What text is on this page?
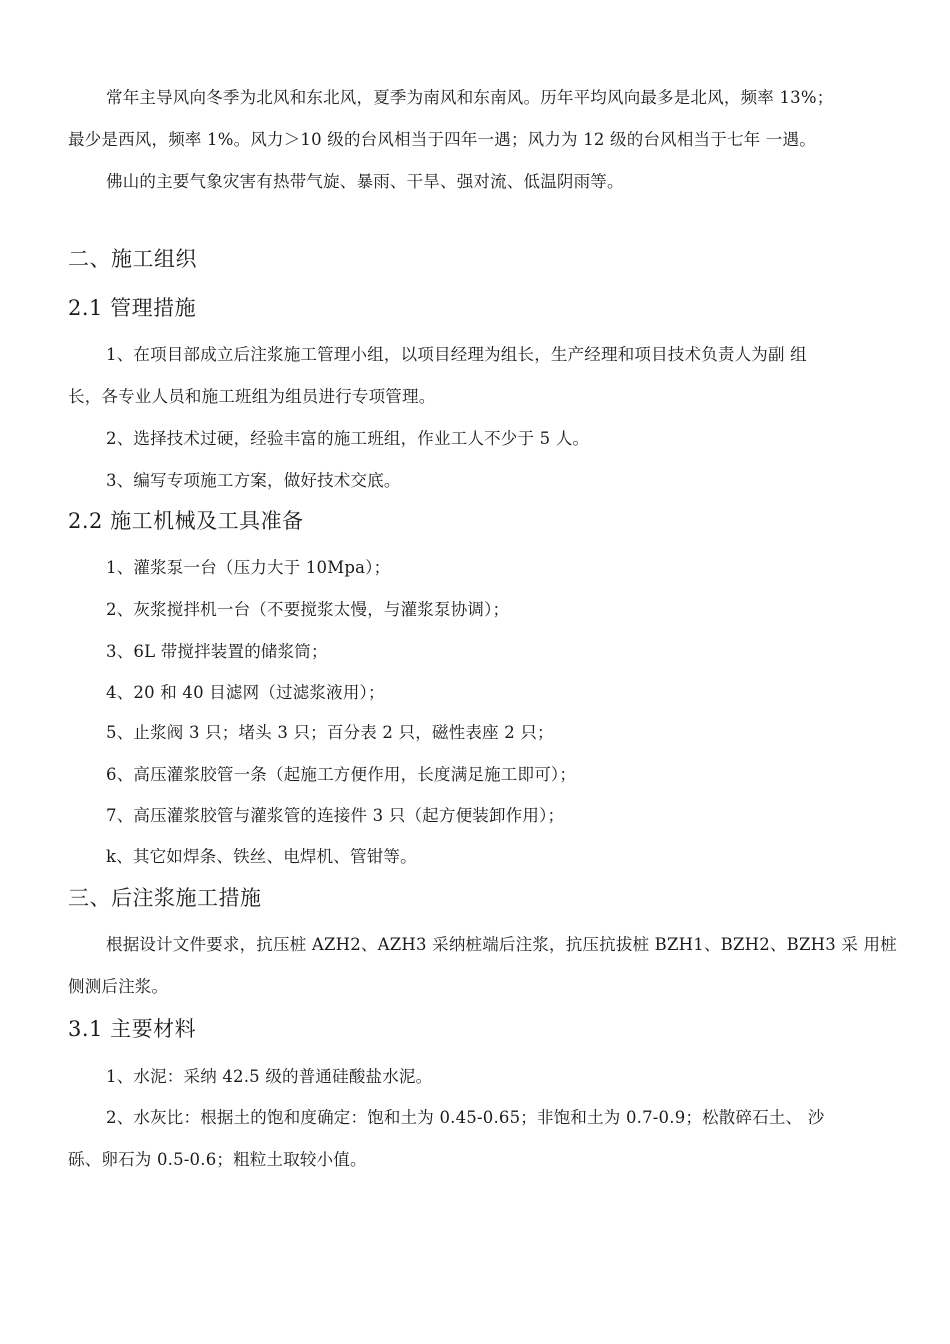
常年主导风向冬季为北风和东北风，夏季为南风和东南风。历年平均风向最多是北风，频率 13%；

最少是西风，频率 1%。风力＞10 级的台风相当于四年一遇；风力为 12 级的台风相当于七年 一遇。

佛山的主要气象灾害有热带气旋、暴雨、干旱、强对流、低温阴雨等。

二、施工组织
2.1 管理措施

1、在项目部成立后注浆施工管理小组，以项目经理为组长，生产经理和项目技术负责人为副 组

长，各专业人员和施工班组为组员进行专项管理。

2、选择技术过硬，经验丰富的施工班组，作业工人不少于 5 人。

3、编写专项施工方案，做好技术交底。

2.2 施工机械及工具准备

1、灌浆泵一台（压力大于 10Mpa）；

2、灰浆搅拌机一台（不要搅浆太慢，与灌浆泵协调）；

3、6L 带搅拌装置的储浆筒；

4、20 和 40 目滤网（过滤浆液用）；

5、止浆阀 3 只；堵头 3 只；百分表 2 只，磁性表座 2 只；

6、高压灌浆胶管一条（起施工方便作用，长度满足施工即可）；

7、高压灌浆胶管与灌浆管的连接件 3 只（起方便装卸作用）；

k、其它如焊条、铁丝、电焊机、管钳等。

三、后注浆施工措施

根据设计文件要求，抗压桩 AZH2、AZH3 采纳桩端后注浆，抗压抗拔桩 BZH1、BZH2、BZH3 采 用桩

侧测后注浆。

3.1 主要材料

1、水泥：采纳 42.5 级的普通硅酸盐水泥。

2、水灰比：根据土的饱和度确定：饱和土为 0.45-0.65；非饱和土为 0.7-0.9；松散碎石土、 沙

砾、卵石为 0.5-0.6；粗粒土取较小值。
